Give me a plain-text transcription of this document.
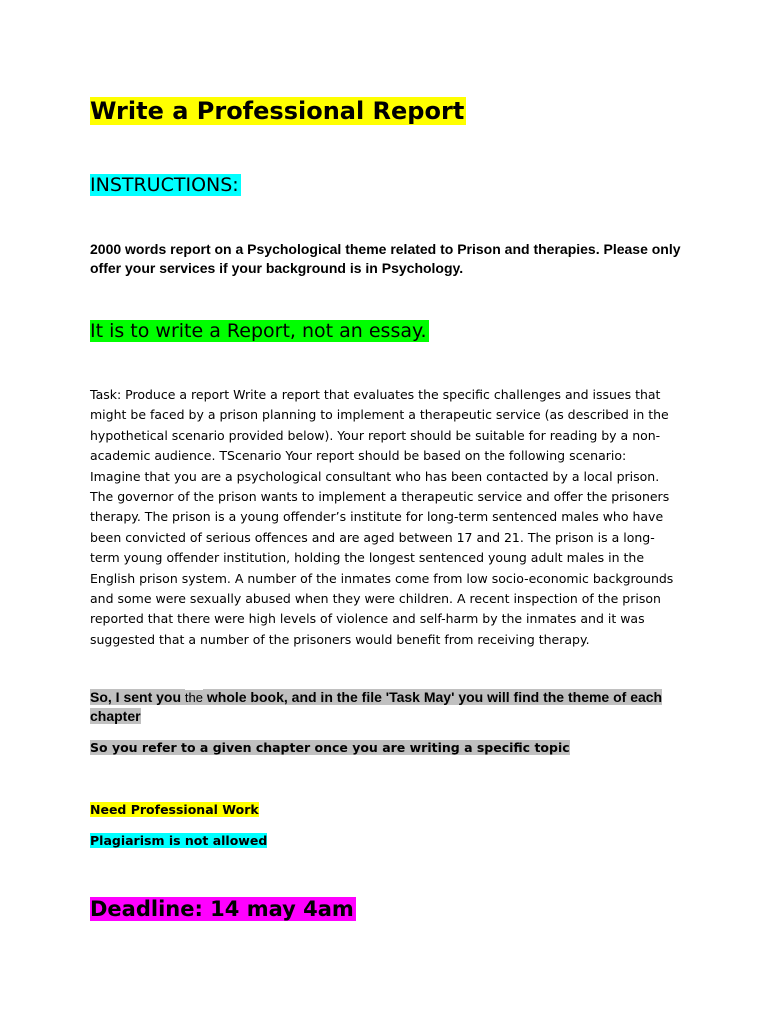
Write a Professional Report
INSTRUCTIONS:

2000 words report on a Psychological theme related to Prison and therapies. Please only offer your services if your background is in Psychology.

It is to write a Report, not an essay.

Task: Produce a report Write a report that evaluates the specific challenges and issues that might be faced by a prison planning to implement a therapeutic service (as described in the hypothetical scenario provided below). Your report should be suitable for reading by a non-academic audience. TScenario Your report should be based on the following scenario: Imagine that you are a psychological consultant who has been contacted by a local prison. The governor of the prison wants to implement a therapeutic service and offer the prisoners therapy. The prison is a young offender’s institute for long-term sentenced males who have been convicted of serious offences and are aged between 17 and 21. The prison is a long-term young offender institution, holding the longest sentenced young adult males in the English prison system. A number of the inmates come from low socio-economic backgrounds and some were sexually abused when they were children. A recent inspection of the prison reported that there were high levels of violence and self-harm by the inmates and it was suggested that a number of the prisoners would benefit from receiving therapy.

So, I sent you the whole book, and in the file 'Task May' you will find the theme of each chapter

So you refer to a given chapter once you are writing a specific topic
Need Professional Work
Plagiarism is not allowed
Deadline: 14 may 4am
